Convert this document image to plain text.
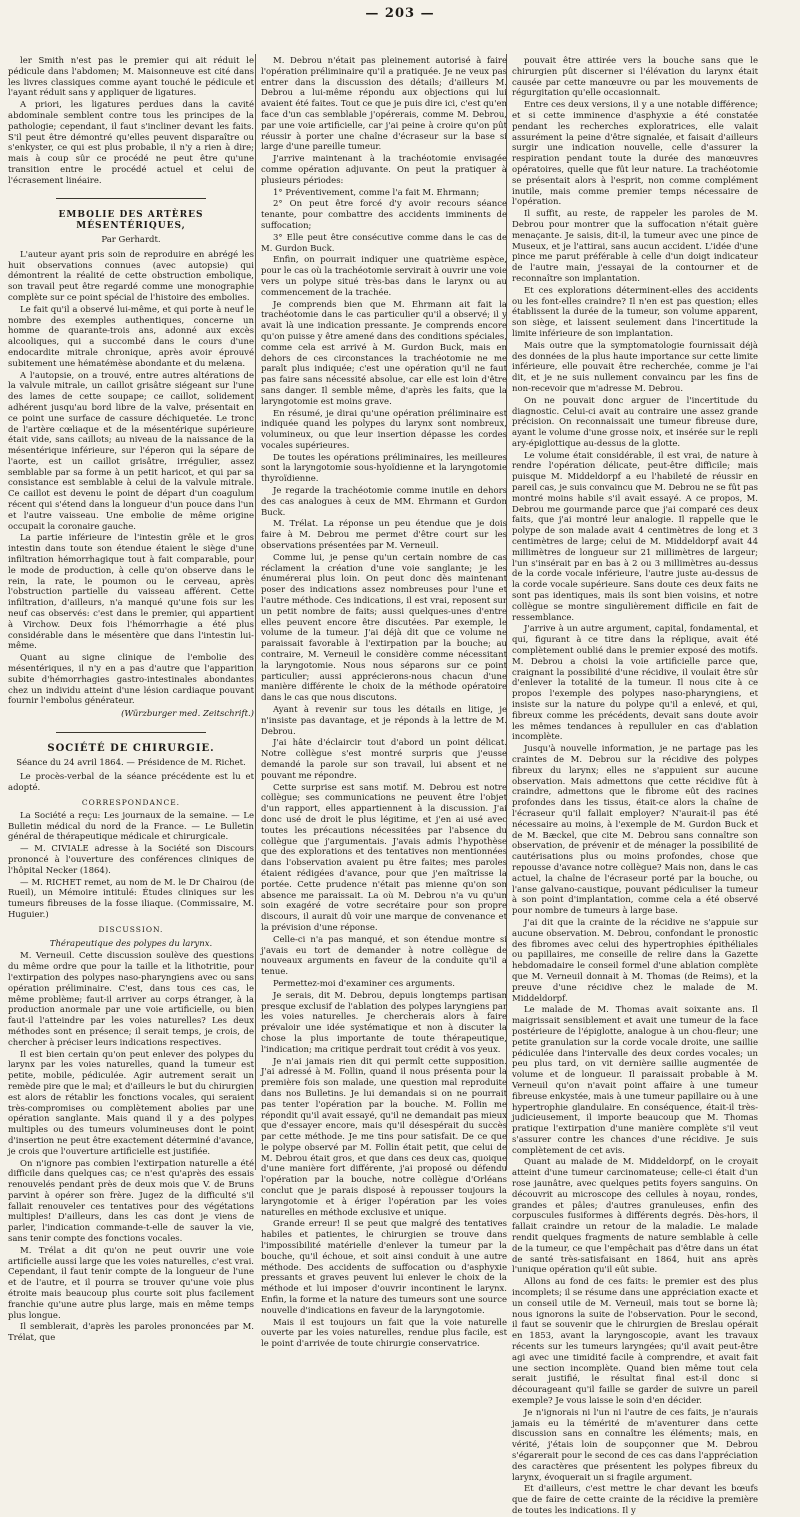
— 203 —

ler Smith n'est pas le premier qui ait réduit le pédicule dans l'abdomen; M. Maisonneuve est cité dans les livres classiques comme ayant touché le pédicule et l'ayant réduit sans y appliquer de ligatures.

A priori, les ligatures perdues dans la cavité abdominale semblent contre tous les principes de la pathologie; cependant, il faut s'incliner devant les faits. S'il peut être démontré qu'elles peuvent disparaître ou s'enkyster, ce qui est plus probable, il n'y a rien à dire; mais à coup sûr ce procédé ne peut être qu'une transition entre le procédé actuel et celui de l'écrasement linéaire.

EMBOLIE DES ARTÈRES MÉSENTÉRIQUES,
Par Gerhardt.

L'auteur ayant pris soin de reproduire en abrégé les huit observations connues (avec autopsie) qui démontrent la réalité de cette obstruction embolique, son travail peut être regardé comme une monographie complète sur ce point spécial de l'histoire des embolies.

Le fait qu'il a observé lui-même, et qui porte à neuf le nombre des exemples authentiques, concerne un homme de quarante-trois ans, adonné aux excès alcooliques, qui a succombé dans le cours d'une endocardite mitrale chronique, après avoir éprouvé subitement une hématémèse abondante et du melæna.

A l'autopsie, on a trouvé, entre autres altérations de la valvule mitrale, un caillot grisâtre siégeant sur l'une des lames de cette soupape; ce caillot, solidement adhérent jusqu'au bord libre de la valve, présentait en ce point une surface de cassure déchiquetée. Le tronc de l'artère cœliaque et de la mésentérique supérieure était vide, sans caillots; au niveau de la naissance de la mésentérique inférieure, sur l'éperon qui la sépare de l'aorte, est un caillot grisâtre, irrégulier, assez semblable par sa forme à un petit haricot, et qui par sa consistance est semblable à celui de la valvule mitrale. Ce caillot est devenu le point de départ d'un coagulum récent qui s'étend dans la longueur d'un pouce dans l'un et l'autre vaisseau. Une embolie de même origine occupait la coronaire gauche.

La partie inférieure de l'intestin grêle et le gros intestin dans toute son étendue étaient le siège d'une infiltration hémorrhagique tout à fait comparable, pour le mode de production, à celle qu'on observe dans le rein, la rate, le poumon ou le cerveau, après l'obstruction partielle du vaisseau afférent. Cette infiltration, d'ailleurs, n'a manqué qu'une fois sur les neuf cas observés: c'est dans le premier, qui appartient à Virchow. Deux fois l'hémorrhagie a été plus considérable dans le mésentère que dans l'intestin lui-même.

Quant au signe clinique de l'embolie des mésentériques, il n'y en a pas d'autre que l'apparition subite d'hémorrhagies gastro-intestinales abondantes chez un individu atteint d'une lésion cardiaque pouvant fournir l'embolus générateur.

(Würzburger med. Zeitschrift.)
SOCIÉTÉ DE CHIRURGIE.
Séance du 24 avril 1864. — Présidence de M. Richet.

Le procès-verbal de la séance précédente est lu et adopté.

CORRESPONDANCE.

La Société a reçu: Les journaux de la semaine. — Le Bulletin médical du nord de la France. — Le Bulletin général de thérapeutique médicale et chirurgicale.

— M. CIVIALE adresse à la Société son Discours prononcé à l'ouverture des conférences cliniques de l'hôpital Necker (1864).

— M. RICHET remet, au nom de M. le Dr Chairou (de Rueil), un Mémoire intitulé: Études cliniques sur les tumeurs fibreuses de la fosse iliaque. (Commissaire, M. Huguier.)

DISCUSSION.
Thérapeutique des polypes du larynx.

M. Verneuil. Cette discussion soulève des questions du même ordre que pour la taille et la lithotritie, pour l'extirpation des polypes naso-pharyngiens avec ou sans opération préliminaire. C'est, dans tous ces cas, le même problème; faut-il arriver au corps étranger, à la production anormale par une voie artificielle, ou bien faut-il l'atteindre par les voies naturelles? Les deux méthodes sont en présence; il serait temps, je crois, de chercher à préciser leurs indications respectives.

Il est bien certain qu'on peut enlever des polypes du larynx par les voies naturelles, quand la tumeur est petite, mobile, pédiculée. Agir autrement serait un remède pire que le mal; et d'ailleurs le but du chirurgien est alors de rétablir les fonctions vocales, qui seraient très-compromises ou complètement abolies par une opération sanglante. Mais quand il y a des polypes multiples ou des tumeurs volumineuses dont le point d'insertion ne peut être exactement déterminé d'avance, je crois que l'ouverture artificielle est justifiée.

On n'ignore pas combien l'extirpation naturelle a été difficile dans quelques cas; ce n'est qu'après des essais renouvelés pendant près de deux mois que V. de Bruns parvint à opérer son frère. Jugez de la difficulté s'il fallait renouveler ces tentatives pour des végétations multiples! D'ailleurs, dans les cas dont je viens de parler, l'indication commande-t-elle de sauver la vie, sans tenir compte des fonctions vocales.

M. Trélat a dit qu'on ne peut ouvrir une voie artificielle aussi large que les voies naturelles, c'est vrai. Cependant, il faut tenir compte de la longueur de l'une et de l'autre, et il pourra se trouver qu'une voie plus étroite mais beaucoup plus courte soit plus facilement franchie qu'une autre plus large, mais en même temps plus longue.

Il semblerait, d'après les paroles prononcées par M. Trélat, que

M. Debrou n'était pas pleinement autorisé à faire l'opération préliminaire qu'il a pratiquée. Je ne veux pas entrer dans la discussion des détails; d'ailleurs M. Debrou a lui-même répondu aux objections qui lui avaient été faites. Tout ce que je puis dire ici, c'est qu'en face d'un cas semblable j'opérerais, comme M. Debrou, par une voie artificielle, car j'ai peine à croire qu'on pût réussir à porter une chaîne d'écraseur sur la base si large d'une pareille tumeur.

J'arrive maintenant à la trachéotomie envisagée comme opération adjuvante. On peut la pratiquer à plusieurs périodes:

1° Préventivement, comme l'a fait M. Ehrmann;

2° On peut être forcé d'y avoir recours séance tenante, pour combattre des accidents imminents de suffocation;

3° Elle peut être consécutive comme dans le cas de M. Gurdon Buck.

Enfin, on pourrait indiquer une quatrième espèce, pour le cas où la trachéotomie servirait à ouvrir une voie vers un polype situé très-bas dans le larynx ou au commencement de la trachée.

Je comprends bien que M. Ehrmann ait fait la trachéotomie dans le cas particulier qu'il a observé; il y avait là une indication pressante. Je comprends encore qu'on puisse y être amené dans des conditions spéciales, comme cela est arrivé à M. Gurdon Buck, mais en dehors de ces circonstances la trachéotomie ne me paraît plus indiquée; c'est une opération qu'il ne faut pas faire sans nécessité absolue, car elle est loin d'être sans danger. Il semble même, d'après les faits, que la laryngotomie est moins grave.

En résumé, je dirai qu'une opération préliminaire est indiquée quand les polypes du larynx sont nombreux, volumineux, ou que leur insertion dépasse les cordes vocales supérieures.

De toutes les opérations préliminaires, les meilleures sont la laryngotomie sous-hyoïdienne et la laryngotomie thyroïdienne.

Je regarde la trachéotomie comme inutile en dehors des cas analogues à ceux de MM. Ehrmann et Gurdon Buck.

M. Trélat. La réponse un peu étendue que je dois faire à M. Debrou me permet d'être court sur les observations présentées par M. Verneuil.

Comme lui, je pense qu'un certain nombre de cas réclament la création d'une voie sanglante; je les énumérerai plus loin. On peut donc dès maintenant poser des indications assez nombreuses pour l'une et l'autre méthode. Ces indications, il est vrai, reposent sur un petit nombre de faits; aussi quelques-unes d'entre elles peuvent encore être discutées. Par exemple, le volume de la tumeur. J'ai déjà dit que ce volume ne paraissait favorable à l'extirpation par la bouche; au contraire, M. Verneuil le considère comme nécessitant la laryngotomie. Nous nous séparons sur ce point particulier; aussi apprécierons-nous chacun d'une manière différente le choix de la méthode opératoire dans le cas que nous discutons.

Ayant à revenir sur tous les détails en litige, je n'insiste pas davantage, et je réponds à la lettre de M. Debrou.

J'ai hâte d'éclaircir tout d'abord un point délicat. Notre collègue s'est montré surpris que j'eusse demandé la parole sur son travail, lui absent et ne pouvant me répondre.

Cette surprise est sans motif. M. Debrou est notre collègue; ses communications ne peuvent être l'objet d'un rapport, elles appartiennent à la discussion. J'ai donc usé de droit le plus légitime, et j'en ai usé avec toutes les précautions nécessitées par l'absence du collègue que j'argumentais. J'avais admis l'hypothèse que des explorations et des tentatives non mentionnées dans l'observation avaient pu être faites; mes paroles étaient rédigées d'avance, pour que j'en maîtrisse la portée. Cette prudence n'était pas mienne qu'on son absence me paraissait. La où M. Debrou n'a vu qu'un soin exagéré de votre secrétaire pour son propre discours, il aurait dû voir une marque de convenance et la prévision d'une réponse.

Celle-ci n'a pas manqué, et son étendue montre si j'avais eu tort de demander à notre collègue de nouveaux arguments en faveur de la conduite qu'il a tenue.

Permettez-moi d'examiner ces arguments.

Je serais, dit M. Debrou, depuis longtemps partisan presque exclusif de l'ablation des polypes laryngiens par les voies naturelles. Je chercherais alors à faire prévaloir une idée systématique et non à discuter la chose la plus importante de toute thérapeutique, l'indication; ma critique perdrait tout crédit à vos yeux.

Je n'ai jamais rien dit qui permît cette supposition. J'ai adressé à M. Follin, quand il nous présenta pour la première fois son malade, une question mal reproduite dans nos Bulletins. Je lui demandais si on ne pourrait pas tenter l'opération par la bouche. M. Follin me répondit qu'il avait essayé, qu'il ne demandait pas mieux que d'essayer encore, mais qu'il désespérait du succès par cette méthode. Je me tins pour satisfait. De ce que le polype observé par M. Follin était petit, que celui de M. Debrou était gros, et que dans ces deux cas, quoique d'une manière fort différente, j'ai proposé ou défendu l'opération par la bouche, notre collègue d'Orléans conclut que je parais disposé à repousser toujours la laryngotomie et à ériger l'opération par les voies naturelles en méthode exclusive et unique.

Grande erreur! Il se peut que malgré des tentatives habiles et patientes, le chirurgien se trouve dans l'impossibilité matérielle d'enlever la tumeur par la bouche, qu'il échoue, et soit ainsi conduit à une autre méthode. Des accidents de suffocation ou d'asphyxie pressants et graves peuvent lui enlever le choix de la méthode et lui imposer d'ouvrir incontinent le larynx. Enfin, la forme et la nature des tumeurs sont une source nouvelle d'indications en faveur de la laryngotomie.

Mais il est toujours un fait que la voie naturelle ouverte par les voies naturelles, rendue plus facile, est le point d'arrivée de toute chirurgie conservatrice.

pouvait être attirée vers la bouche sans que le chirurgien pût discerner si l'élévation du larynx était causée par cette manœuvre ou par les mouvements de régurgitation qu'elle occasionnait.

Entre ces deux versions, il y a une notable différence; et si cette imminence d'asphyxie a été constatée pendant les recherches exploratrices, elle valait assurément la peine d'être signalée, et faisait d'ailleurs surgir une indication nouvelle, celle d'assurer la respiration pendant toute la durée des manœuvres opératoires, quelle que fût leur nature. La trachéotomie se présentait alors à l'esprit, non comme complément inutile, mais comme premier temps nécessaire de l'opération.

Il suffit, au reste, de rappeler les paroles de M. Debrou pour montrer que la suffocation n'était guère menaçante. Je saisis, dit-il, la tumeur avec une pince de Museux, et je l'attirai, sans aucun accident. L'idée d'une pince me parut préférable à celle d'un doigt indicateur de l'autre main, j'essayai de la contourner et de reconnaître son implantation.

Et ces explorations déterminent-elles des accidents ou les font-elles craindre? Il n'en est pas question; elles établissent la durée de la tumeur, son volume apparent, son siège, et laissent seulement dans l'incertitude la limite inférieure de son implantation.

Mais outre que la symptomatologie fournissait déjà des données de la plus haute importance sur cette limite inférieure, elle pouvait être recherchée, comme je l'ai dit, et je ne suis nullement convaincu par les fins de non-recevoir que m'adresse M. Debrou.

On ne pouvait donc arguer de l'incertitude du diagnostic. Celui-ci avait au contraire une assez grande précision. On reconnaissait une tumeur fibreuse dure, ayant le volume d'une grosse noix, et insérée sur le repli ary-épiglottique au-dessus de la glotte.

Le volume était considérable, il est vrai, de nature à rendre l'opération délicate, peut-être difficile; mais puisque M. Middeldorpf a eu l'habileté de réussir en pareil cas, je suis convaincu que M. Debrou ne se fût pas montré moins habile s'il avait essayé. A ce propos, M. Debrou me gourmande parce que j'ai comparé ces deux faits, que j'ai montré leur analogie. Il rappelle que le polype de son malade avait 4 centimètres de long et 3 centimètres de large; celui de M. Middeldorpf avait 44 millimètres de longueur sur 21 millimètres de largeur; l'un s'insérait par en bas à 2 ou 3 millimètres au-dessus de la corde vocale inférieure, l'autre juste au-dessus de la corde vocale supérieure. Sans doute ces deux faits ne sont pas identiques, mais ils sont bien voisins, et notre collègue se montre singulièrement difficile en fait de ressemblance.

J'arrive à un autre argument, capital, fondamental, et qui, figurant à ce titre dans la réplique, avait été complètement oublié dans le premier exposé des motifs. M. Debrou a choisi la voie artificielle parce que, craignant la possibilité d'une récidive, il voulait être sûr d'enlever la totalité de la tumeur. Il nous cite à ce propos l'exemple des polypes naso-pharyngiens, et insiste sur la nature du polype qu'il a enlevé, et qui, fibreux comme les précédents, devait sans doute avoir les mêmes tendances à repulluler en cas d'ablation incomplète.

Jusqu'à nouvelle information, je ne partage pas les craintes de M. Debrou sur la récidive des polypes fibreux du larynx; elles ne s'appuient sur aucune observation. Mais admettons que cette récidive fût à craindre, admettons que le fibrome eût des racines profondes dans les tissus, était-ce alors la chaîne de l'écraseur qu'il fallait employer? N'aurait-il pas été nécessaire au moins, à l'exemple de M. Gurdon Buck et de M. Bæckel, que cite M. Debrou sans connaître son observation, de prévenir et de ménager la possibilité de cautérisations plus ou moins profondes, chose que repousse d'avance notre collègue? Mais non, dans le cas actuel, la chaîne de l'écraseur porté par la bouche, ou l'anse galvano-caustique, pouvant pédiculiser la tumeur à son point d'implantation, comme cela a été observé pour nombre de tumeurs à large base.

J'ai dit que la crainte de la récidive ne s'appuie sur aucune observation. M. Debrou, confondant le pronostic des fibromes avec celui des hypertrophies épithéliales ou papillaires, me conseille de relire dans la Gazette hebdomadaire le conseil formel d'une ablation complète que M. Verneuil donnait à M. Thomas (de Reims), et la preuve d'une récidive chez le malade de M. Middeldorpf.

Le malade de M. Thomas avait soixante ans. Il maigrissait sensiblement et avait une tumeur de la face postérieure de l'épiglotte, analogue à un chou-fleur; une petite granulation sur la corde vocale droite, une saillie pédiculée dans l'intervalle des deux cordes vocales; un peu plus tard, on vit dernière saillie augmentée de volume et de longueur. Il paraissait probable à M. Verneuil qu'on n'avait point affaire à une tumeur fibreuse enkystée, mais à une tumeur papillaire ou à une hypertrophie glandulaire. En conséquence, était-il très-judicieusement, il importe beaucoup que M. Thomas pratique l'extirpation d'une manière complète s'il veut s'assurer contre les chances d'une récidive. Je suis complètement de cet avis.

Quant au malade de M. Middeldorpf, on le croyait atteint d'une tumeur carcinomateuse; celle-ci était d'un rose jaunâtre, avec quelques petits foyers sanguins. On découvrit au microscope des cellules à noyau, rondes, grandes et pâles; d'autres granuleuses, enfin des corpuscules fusiformes à différents degrés. Dès-hors, il fallait craindre un retour de la maladie. Le malade rendit quelques fragments de nature semblable à celle de la tumeur, ce que l'empêchait pas d'être dans un état de santé très-satisfaisant en 1864, huit ans après l'unique opération qu'il eût subie.

Allons au fond de ces faits: le premier est des plus incomplets; il se résume dans une appréciation exacte et un conseil utile de M. Verneuil, mais tout se borne là; nous ignorons la suite de l'observation. Pour le second, il faut se souvenir que le chirurgien de Breslau opérait en 1853, avant la laryngoscopie, avant les travaux récents sur les tumeurs laryngées; qu'il avait peut-être agi avec une timidité facile à comprendre, et avait fait une section incomplète. Quand bien même tout cela serait justifié, le résultat final est-il donc si décourageant qu'il faille se garder de suivre un pareil exemple? Je vous laisse le soin d'en décider.

Je n'ignorais ni l'un ni l'autre de ces faits, je n'aurais jamais eu la témérité de m'aventurer dans cette discussion sans en connaître les éléments; mais, en vérité, j'étais loin de soupçonner que M. Debrou s'égarerait pour le second de ces cas dans l'appréciation des caractères que présentent les polypes fibreux du larynx, évoquerait un si fragile argument.

Et d'ailleurs, c'est mettre le char devant les bœufs que de faire de cette crainte de la récidive la première de toutes les indications. Il y
